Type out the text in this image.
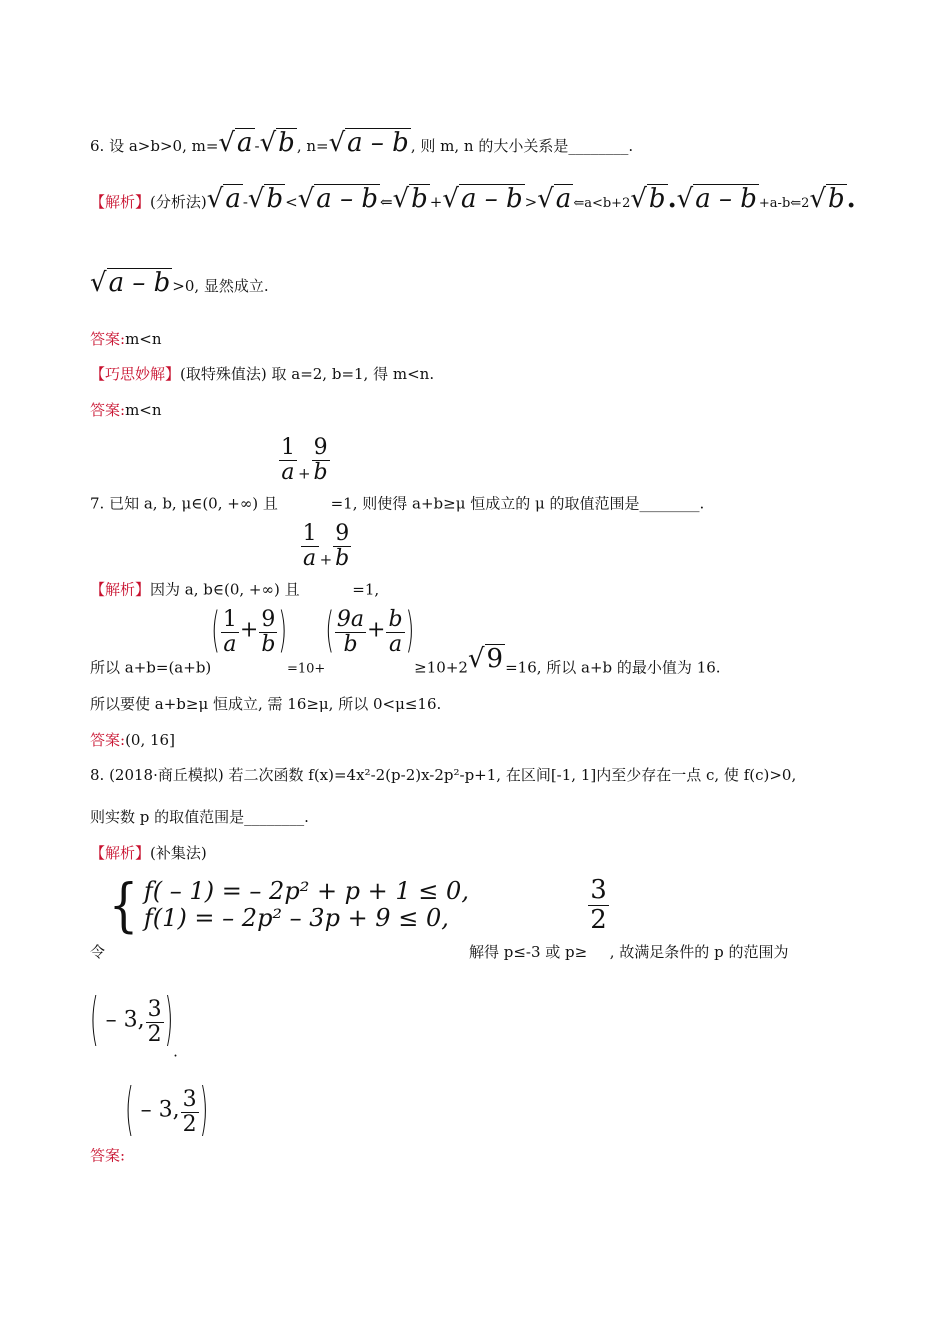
6. 设 a>b>0, m=√a -√b , n=√a – b , 则 m, n 的大小关系是________.
【解析】(分析法)√a -√b <√a – b ⇐√b +√a – b >√a ⇐a<b+2√b.√a – b +a-b⇐2√b.
√a – b >0, 显然成立.
答案:m<n
【巧思妙解】(取特殊值法) 取 a=2, b=1, 得 m<n.
答案:m<n
7. 已知 a, b, μ∈(0, +∞) 且
$\frac{1}{a} + \frac{9}{b}$
=1, 则使得 a+b≥μ 恒成立的 μ 的取值范围是________.
【解析】因为 a, b∈(0, +∞) 且
$\frac{1}{a} + \frac{9}{b}$
=1,
所以 $a+b=(a+b)( \frac{1}{a} + \frac{9}{b} )=10+( \frac{9a}{b} + \frac{b}{a} )\ge 10+2√9 =16$, 所以 a+b 的最小值为 16.
所以要使 a+b≥μ 恒成立, 需 16≥μ, 所以 0<μ≤16.
答案:(0, 16]
8. (2018·商丘模拟) 若二次函数 f(x)=4x²-2(p-2)x-2p²-p+1, 在区间[-1, 1]内至少存在一点 c, 使 f(c)>0,
则实数 p 的取值范围是________.
【解析】(补集法)
令
{ f( – 1) = – 2p² + p + 1 ≤ 0,
f(1) = – 2p² – 3p + 9 ≤ 0,
解得 p≤-3 或 p≥
$\frac{3}{2}$
, 故满足条件的 p 的范围为
( – 3, $\frac{3}{2}$ ).
答案:( – 3, $\frac{3}{2}$ )
